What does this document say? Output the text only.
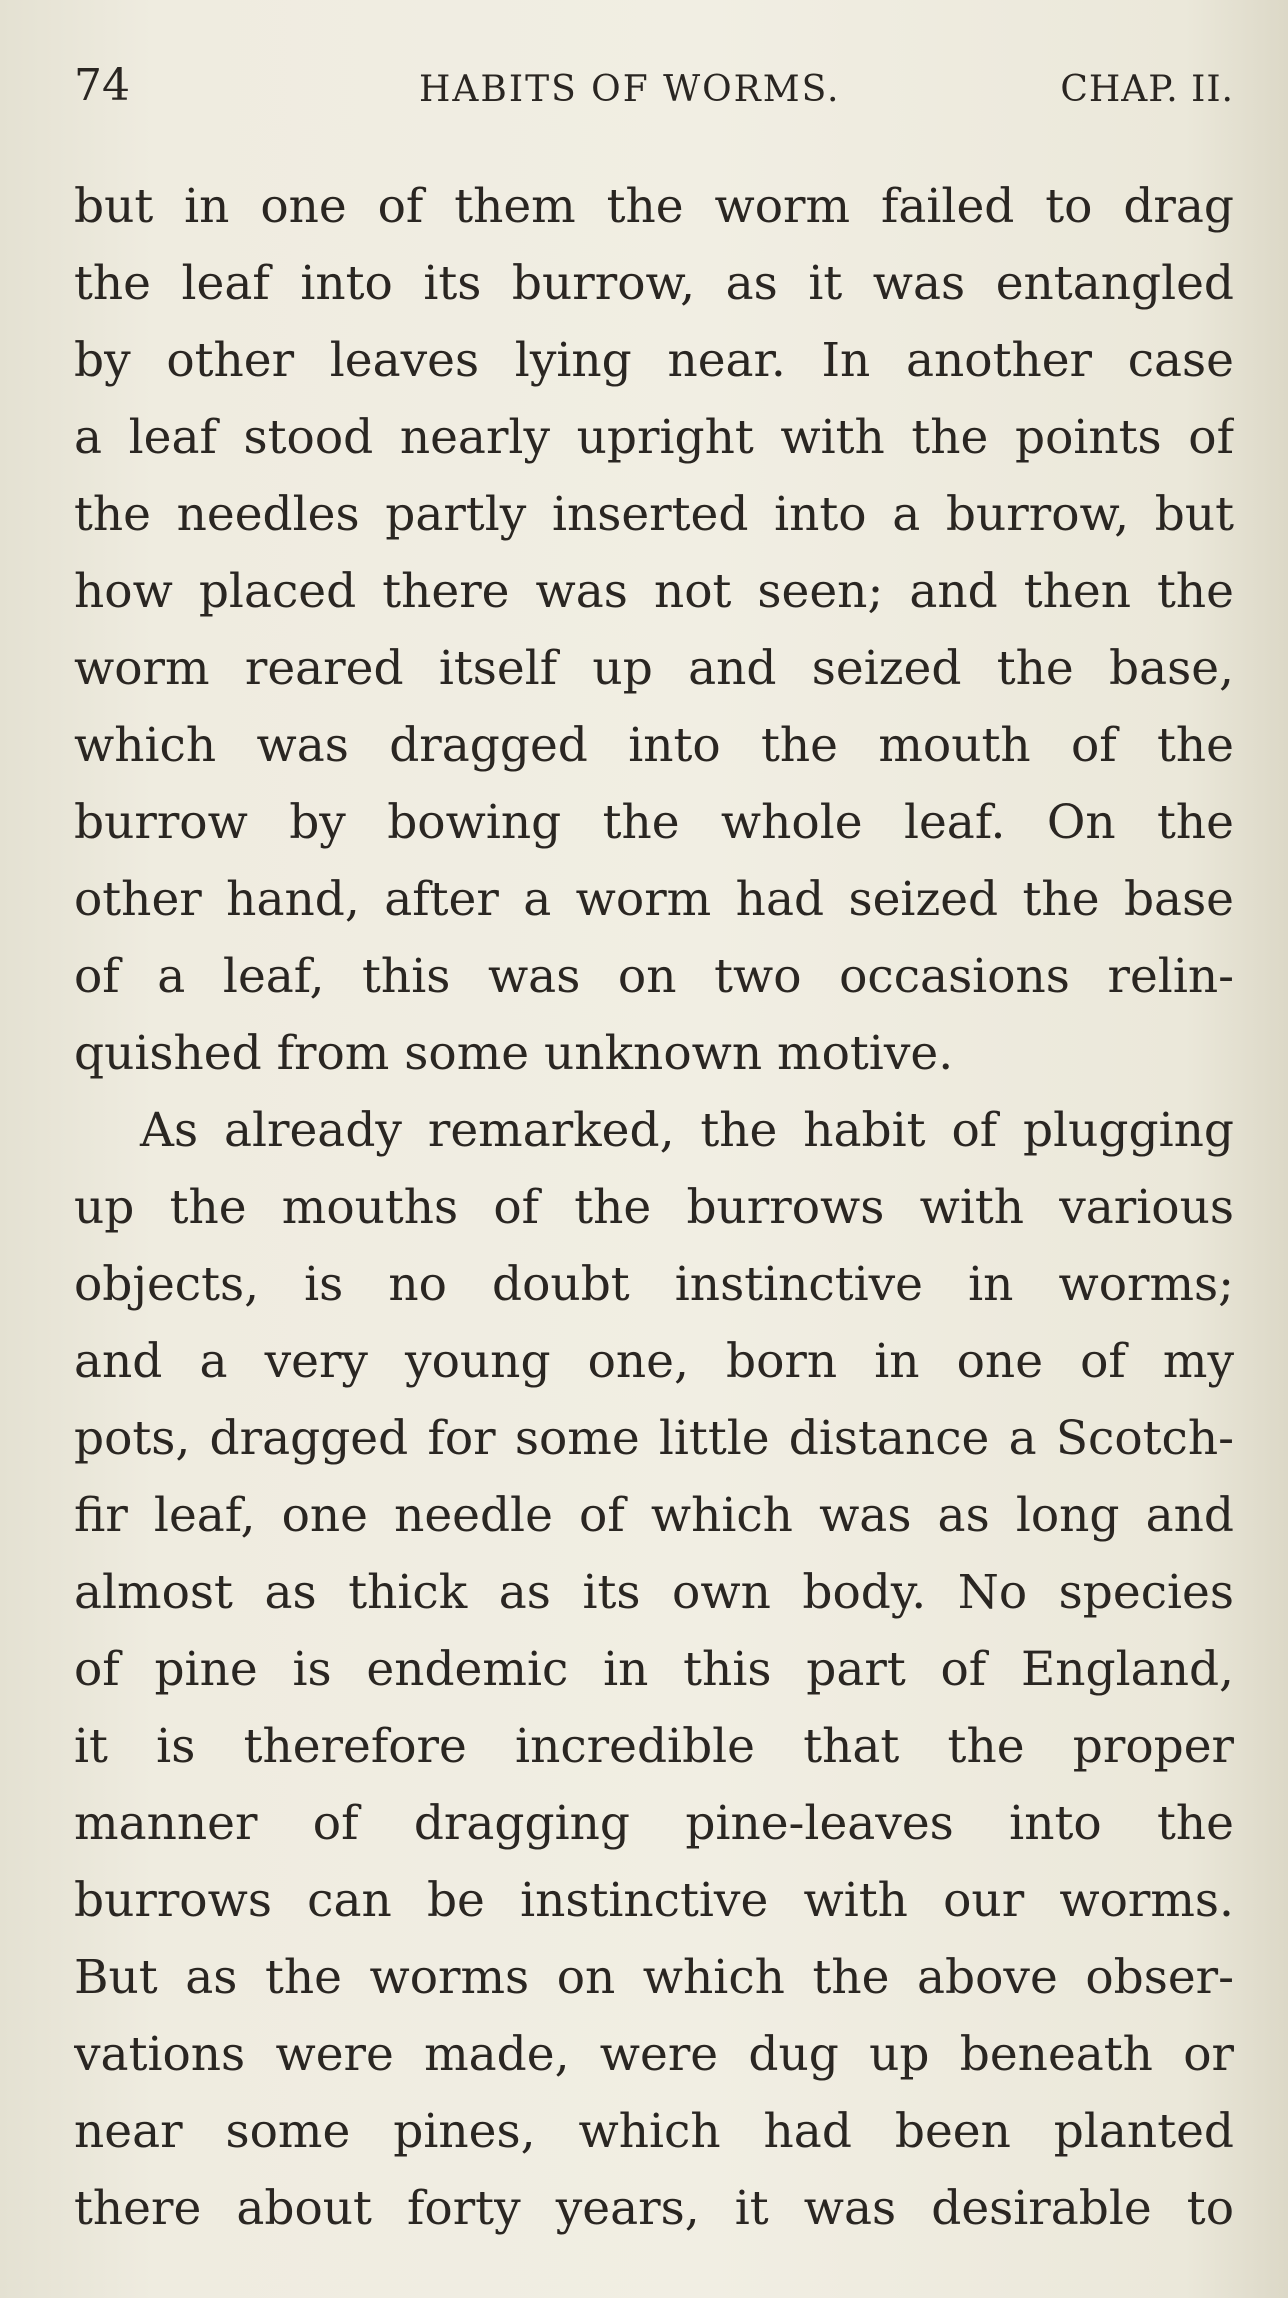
74	HABITS OF WORMS.	CHAP. II.
but in one of them the worm failed to drag
the leaf into its burrow, as it was entangled
by other leaves lying near. In another case
a leaf stood nearly upright with the points of
the needles partly inserted into a burrow, but
how placed there was not seen; and then the
worm reared itself up and seized the base,
which was dragged into the mouth of the
burrow by bowing the whole leaf. On the
other hand, after a worm had seized the base
of a leaf, this was on two occasions relin-
quished from some unknown motive.
As already remarked, the habit of plugging
up the mouths of the burrows with various
objects, is no doubt instinctive in worms;
and a very young one, born in one of my
pots, dragged for some little distance a Scotch-
fir leaf, one needle of which was as long and
almost as thick as its own body. No species
of pine is endemic in this part of England,
it is therefore incredible that the proper
manner of dragging pine-leaves into the
burrows can be instinctive with our worms.
But as the worms on which the above obser-
vations were made, were dug up beneath or
near some pines, which had been planted
there about forty years, it was desirable to
